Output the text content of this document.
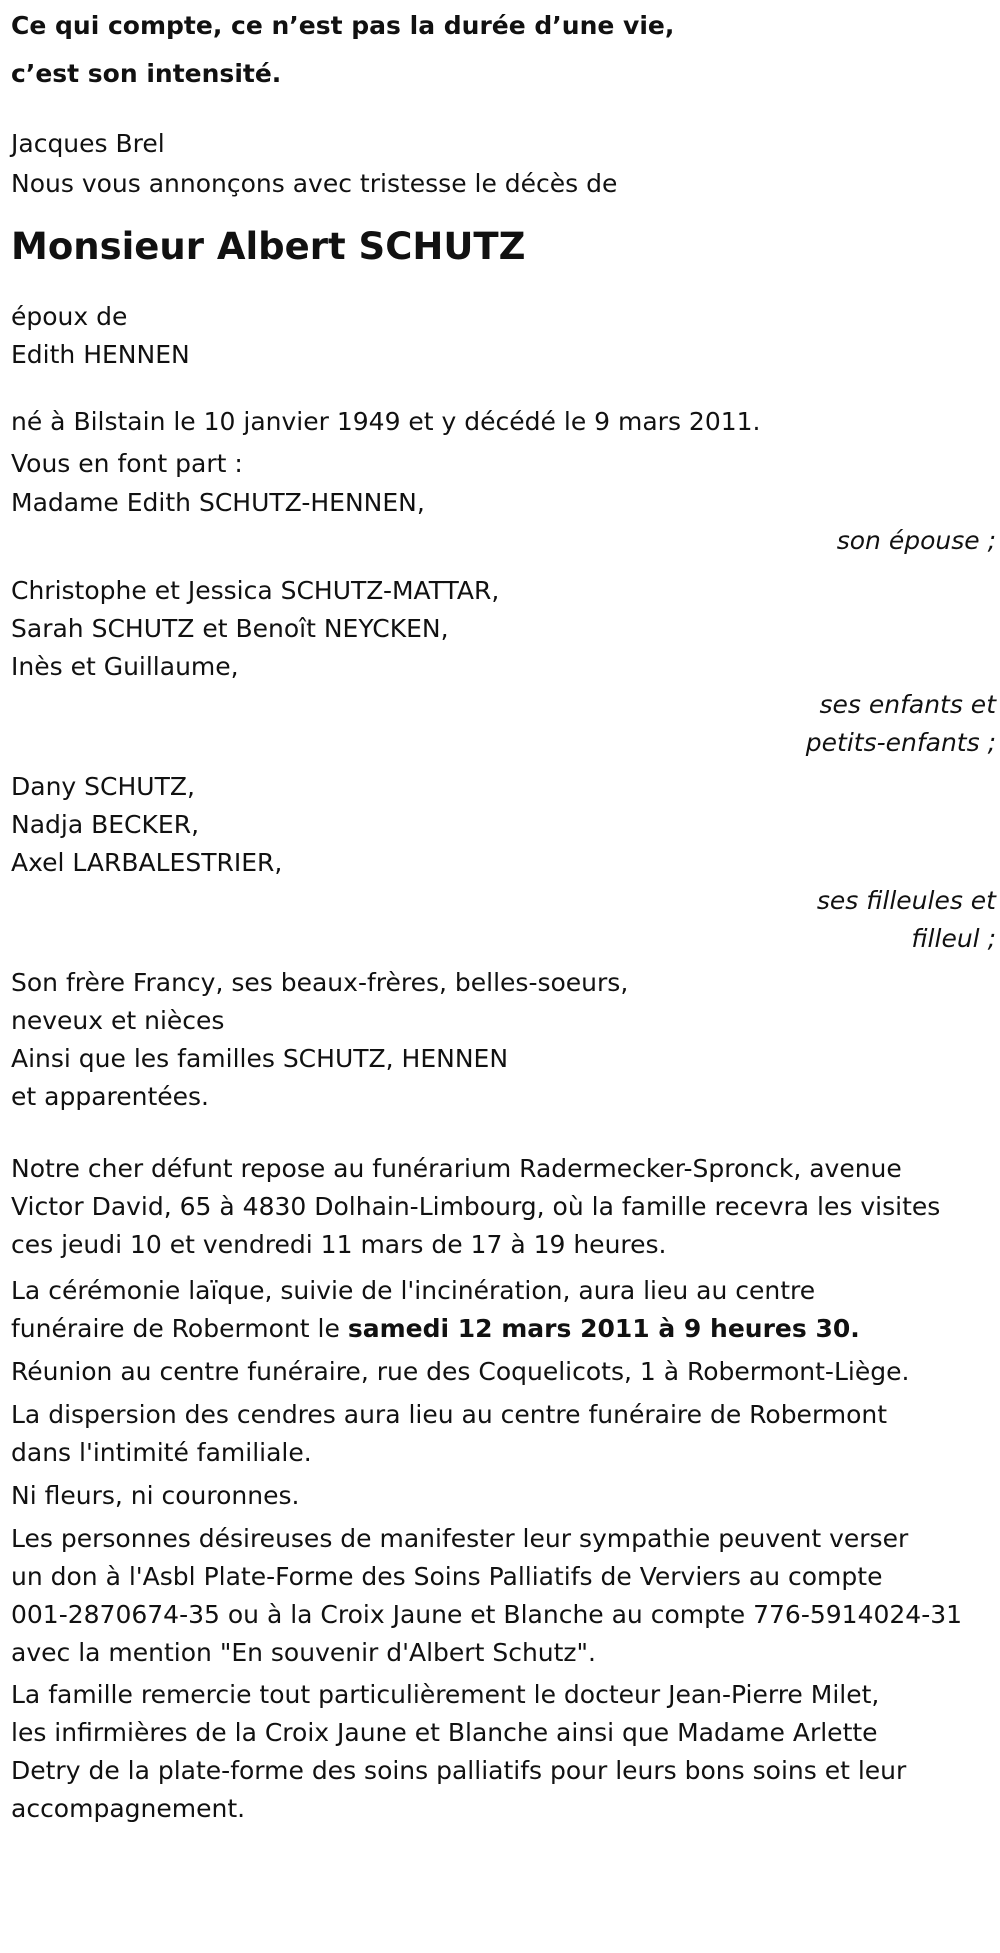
Ce qui compte, ce n’est pas la durée d’une vie,
c’est son intensité.
Jacques Brel
Nous vous annonçons avec tristesse le décès de
Monsieur Albert SCHUTZ
époux de
Edith HENNEN
né à Bilstain le 10 janvier 1949 et y décédé le 9 mars 2011.
Vous en font part :
Madame Edith SCHUTZ-HENNEN,
son épouse ;
Christophe et Jessica SCHUTZ-MATTAR,
Sarah SCHUTZ et Benoît NEYCKEN,
Inès et Guillaume,
ses enfants et
petits-enfants ;
Dany SCHUTZ,
Nadja BECKER,
Axel LARBALESTRIER,
ses filleules et
filleul ;
Son frère Francy, ses beaux-frères, belles-soeurs,
neveux et nièces
Ainsi que les familles SCHUTZ, HENNEN
et apparentées.
Notre cher défunt repose au funérarium Radermecker-Spronck, avenue
Victor David, 65 à 4830 Dolhain-Limbourg, où la famille recevra les visites
ces jeudi 10 et vendredi 11 mars de 17 à 19 heures.
La cérémonie laïque, suivie de l'incinération, aura lieu au centre
funéraire de Robermont le samedi 12 mars 2011 à 9 heures 30.
Réunion au centre funéraire, rue des Coquelicots, 1 à Robermont-Liège.
La dispersion des cendres aura lieu au centre funéraire de Robermont
dans l'intimité familiale.
Ni fleurs, ni couronnes.
Les personnes désireuses de manifester leur sympathie peuvent verser
un don à l'Asbl Plate-Forme des Soins Palliatifs de Verviers au compte
001-2870674-35 ou à la Croix Jaune et Blanche au compte 776-5914024-31
avec la mention "En souvenir d'Albert Schutz".
La famille remercie tout particulièrement le docteur Jean-Pierre Milet,
les infirmières de la Croix Jaune et Blanche ainsi que Madame Arlette
Detry de la plate-forme des soins palliatifs pour leurs bons soins et leur
accompagnement.
